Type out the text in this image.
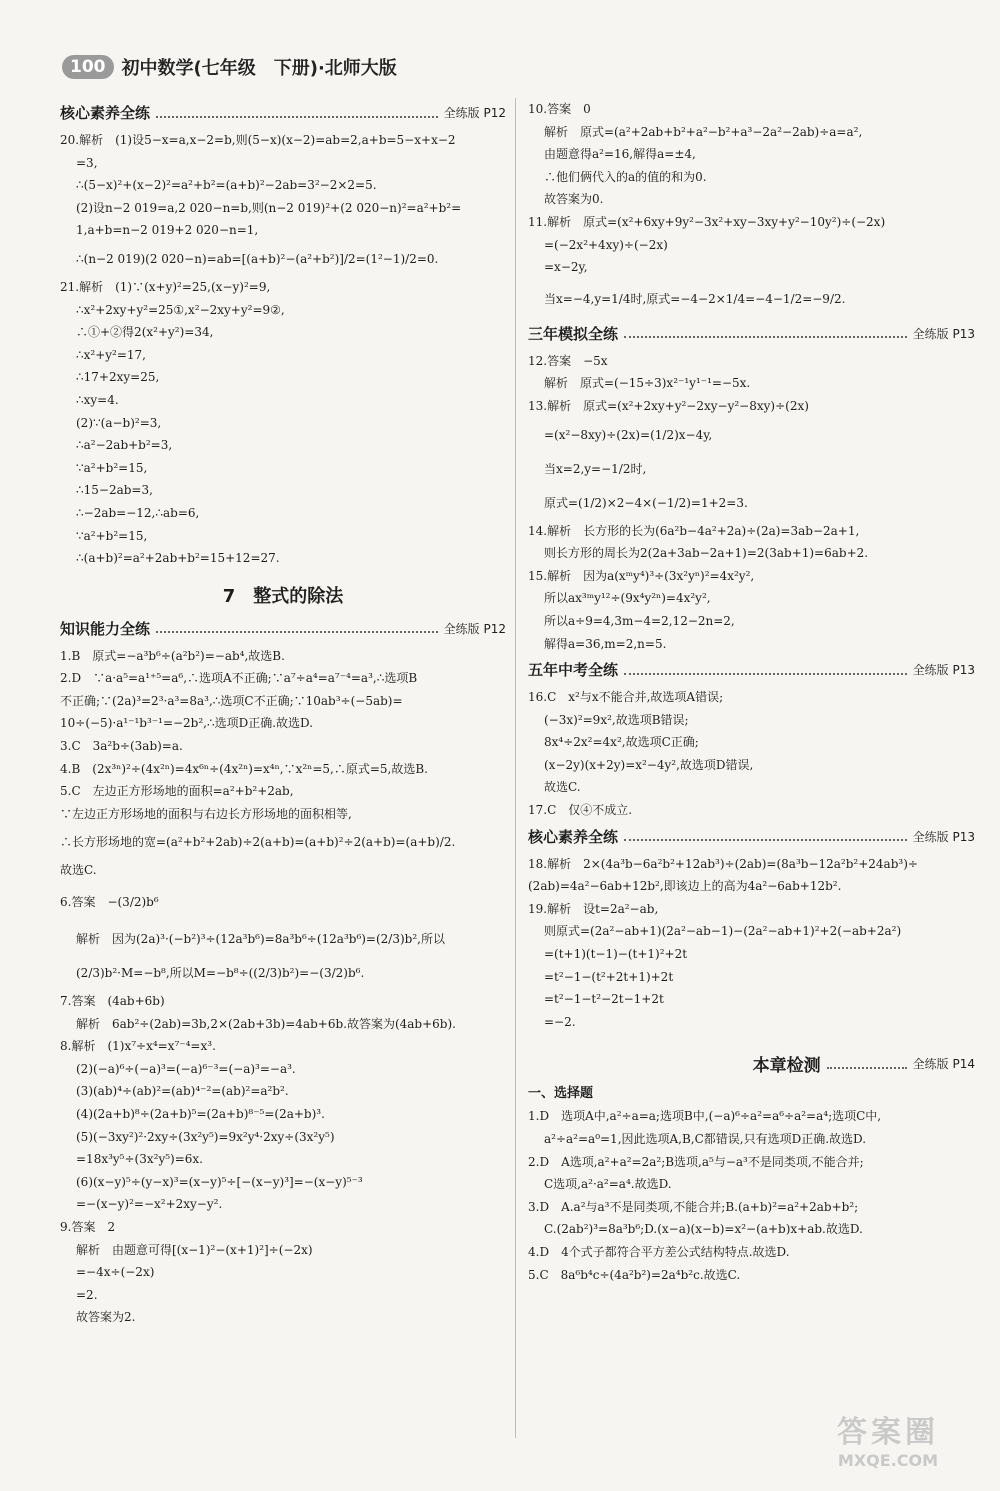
100 初中数学(七年级　下册)·北师大版
核心素养全练	全练版 P12
20.解析　(1)设5−x=a,x−2=b,则(5−x)(x−2)=ab=2,a+b=5−x+x−2
=3,
∴(5−x)²+(x−2)²=a²+b²=(a+b)²−2ab=3²−2×2=5.
(2)设n−2 019=a,2 020−n=b,则(n−2 019)²+(2 020−n)²=a²+b²=
1,a+b=n−2 019+2 020−n=1,
∴(n−2 019)(2 020−n)=ab=[(a+b)²−(a²+b²)]/2=(1²−1)/2=0.
21.解析　(1)∵(x+y)²=25,(x−y)²=9,
∴x²+2xy+y²=25①,x²−2xy+y²=9②,
∴①+②得2(x²+y²)=34,
∴x²+y²=17,
∴17+2xy=25,
∴xy=4.
(2)∵(a−b)²=3,
∴a²−2ab+b²=3,
∵a²+b²=15,
∴15−2ab=3,
∴−2ab=−12,∴ab=6,
∵a²+b²=15,
∴(a+b)²=a²+2ab+b²=15+12=27.
7　整式的除法
知识能力全练	全练版 P12
1.B　原式=−a³b⁶÷(a²b²)=−ab⁴,故选B.
2.D　∵a·a⁵=a¹⁺⁵=a⁶,∴选项A不正确;∵a⁷÷a⁴=a⁷⁻⁴=a³,∴选项B
不正确;∵(2a)³=2³·a³=8a³,∴选项C不正确;∵10ab³÷(−5ab)=
10÷(−5)·a¹⁻¹b³⁻¹=−2b²,∴选项D正确.故选D.
3.C　3a²b÷(3ab)=a.
4.B　(2x³ⁿ)²÷(4x²ⁿ)=4x⁶ⁿ÷(4x²ⁿ)=x⁴ⁿ,∵x²ⁿ=5,∴原式=5,故选B.
5.C　左边正方形场地的面积=a²+b²+2ab,
∵左边正方形场地的面积与右边长方形场地的面积相等,
∴长方形场地的宽=(a²+b²+2ab)÷2(a+b)=(a+b)²÷2(a+b)=(a+b)/2.
故选C.
6.答案　−(3/2)b⁶
解析　因为(2a)³·(−b²)³÷(12a³b⁶)=8a³b⁶÷(12a³b⁶)=(2/3)b²,所以
(2/3)b²·M=−b⁸,所以M=−b⁸÷((2/3)b²)=−(3/2)b⁶.
7.答案　(4ab+6b)
解析　6ab²÷(2ab)=3b,2×(2ab+3b)=4ab+6b.故答案为(4ab+6b).
8.解析　(1)x⁷÷x⁴=x⁷⁻⁴=x³.
(2)(−a)⁶÷(−a)³=(−a)⁶⁻³=(−a)³=−a³.
(3)(ab)⁴÷(ab)²=(ab)⁴⁻²=(ab)²=a²b².
(4)(2a+b)⁸÷(2a+b)⁵=(2a+b)⁸⁻⁵=(2a+b)³.
(5)(−3xy²)²·2xy÷(3x²y⁵)=9x²y⁴·2xy÷(3x²y⁵)
=18x³y⁵÷(3x²y⁵)=6x.
(6)(x−y)⁵÷(y−x)³=(x−y)⁵÷[−(x−y)³]=−(x−y)⁵⁻³
=−(x−y)²=−x²+2xy−y².
9.答案　2
解析　由题意可得[(x−1)²−(x+1)²]÷(−2x)
=−4x÷(−2x)
=2.
故答案为2.
10.答案　0
解析　原式=(a²+2ab+b²+a²−b²+a³−2a²−2ab)÷a=a²,
由题意得a²=16,解得a=±4,
∴他们俩代入的a的值的和为0.
故答案为0.
11.解析　原式=(x²+6xy+9y²−3x²+xy−3xy+y²−10y²)÷(−2x)
=(−2x²+4xy)÷(−2x)
=x−2y,
当x=−4,y=1/4时,原式=−4−2×1/4=−4−1/2=−9/2.
三年模拟全练	全练版 P13
12.答案　−5x
解析　原式=(−15÷3)x²⁻¹y¹⁻¹=−5x.
13.解析　原式=(x²+2xy+y²−2xy−y²−8xy)÷(2x)
=(x²−8xy)÷(2x)=(1/2)x−4y,
当x=2,y=−1/2时,
原式=(1/2)×2−4×(−1/2)=1+2=3.
14.解析　长方形的长为(6a²b−4a²+2a)÷(2a)=3ab−2a+1,
则长方形的周长为2(2a+3ab−2a+1)=2(3ab+1)=6ab+2.
15.解析　因为a(xᵐy⁴)³÷(3x²yⁿ)²=4x²y²,
所以ax³ᵐy¹²÷(9x⁴y²ⁿ)=4x²y²,
所以a÷9=4,3m−4=2,12−2n=2,
解得a=36,m=2,n=5.
五年中考全练	全练版 P13
16.C　x²与x不能合并,故选项A错误;
(−3x)²=9x²,故选项B错误;
8x⁴÷2x²=4x²,故选项C正确;
(x−2y)(x+2y)=x²−4y²,故选项D错误,
故选C.
17.C　仅④不成立.
核心素养全练	全练版 P13
18.解析　2×(4a³b−6a²b²+12ab³)÷(2ab)=(8a³b−12a²b²+24ab³)÷
(2ab)=4a²−6ab+12b²,即该边上的高为4a²−6ab+12b².
19.解析　设t=2a²−ab,
则原式=(2a²−ab+1)(2a²−ab−1)−(2a²−ab+1)²+2(−ab+2a²)
=(t+1)(t−1)−(t+1)²+2t
=t²−1−(t²+2t+1)+2t
=t²−1−t²−2t−1+2t
=−2.
本章检测	全练版 P14
一、选择题
1.D　选项A中,a²÷a=a;选项B中,(−a)⁶÷a²=a⁶÷a²=a⁴;选项C中,
a²÷a²=a⁰=1,因此选项A,B,C都错误,只有选项D正确.故选D.
2.D　A选项,a²+a²=2a²;B选项,a⁵与−a³不是同类项,不能合并;
C选项,a²·a²=a⁴.故选D.
3.D　A.a²与a³不是同类项,不能合并;B.(a+b)²=a²+2ab+b²;
C.(2ab²)³=8a³b⁶;D.(x−a)(x−b)=x²−(a+b)x+ab.故选D.
4.D　4个式子都符合平方差公式结构特点.故选D.
5.C　8a⁶b⁴c÷(4a²b²)=2a⁴b²c.故选C.
答案圈
MXQE.COM
